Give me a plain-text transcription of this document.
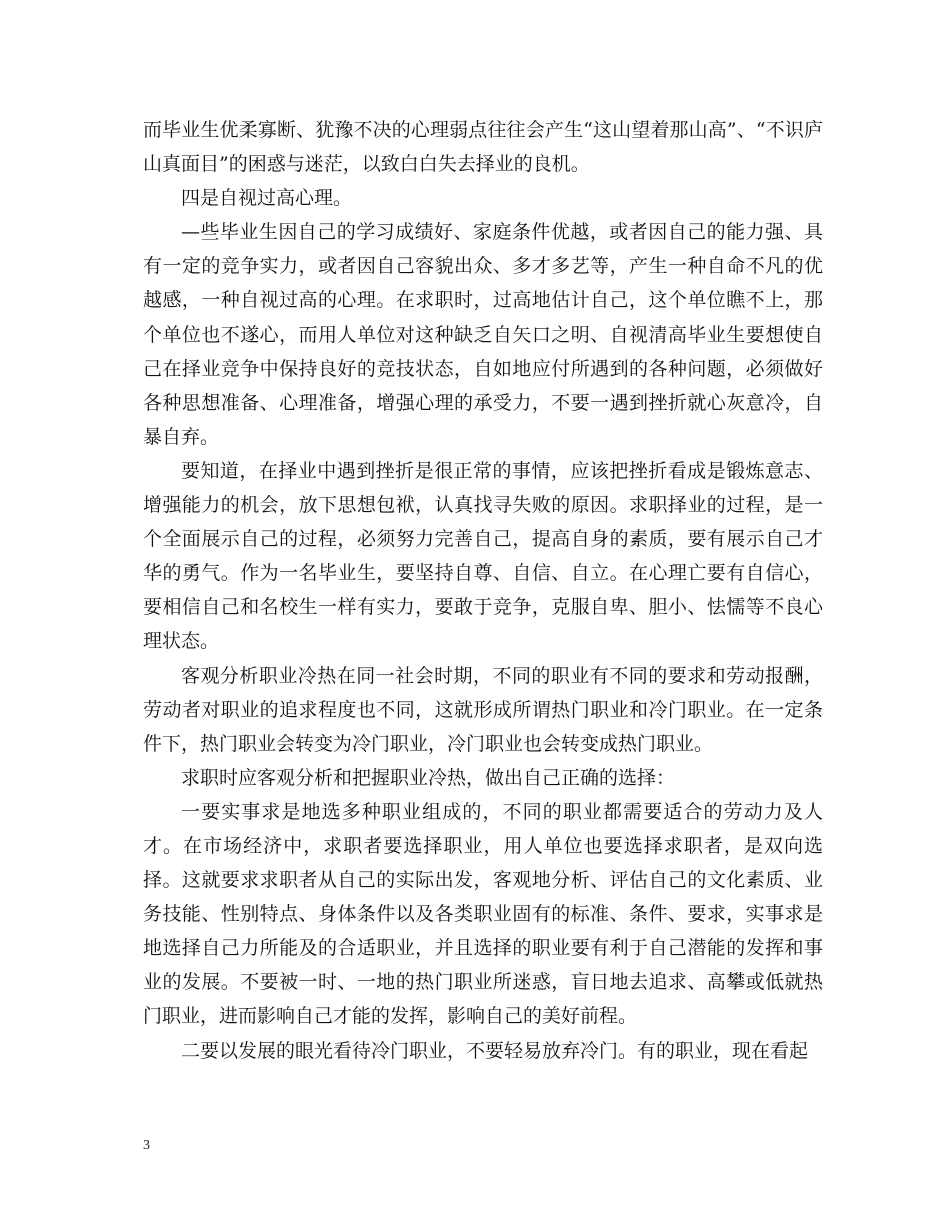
而毕业生优柔寡断、犹豫不决的心理弱点往往会产生“这山望着那山高”、“不识庐山真面目”的困惑与迷茫，以致白白失去择业的良机。

四是自视过高心理。

—些毕业生因自己的学习成绩好、家庭条件优越，或者因自己的能力强、具有一定的竞争实力，或者因自己容貌出众、多才多艺等，产生一种自命不凡的优越感，一种自视过高的心理。在求职时，过高地估计自己，这个单位瞧不上，那个单位也不遂心，而用人单位对这种缺乏自矢口之明、自视清高毕业生要想使自己在择业竞争中保持良好的竞技状态，自如地应付所遇到的各种问题，必须做好各种思想准备、心理准备，增强心理的承受力，不要一遇到挫折就心灰意冷，自暴自弃。

要知道，在择业中遇到挫折是很正常的事情，应该把挫折看成是锻炼意志、增强能力的机会，放下思想包袱，认真找寻失败的原因。求职择业的过程，是一个全面展示自己的过程，必须努力完善自己，提高自身的素质，要有展示自己才华的勇气。作为一名毕业生，要坚持自尊、自信、自立。在心理亡要有自信心，要相信自己和名校生一样有实力，要敢于竞争，克服自卑、胆小、怯懦等不良心理状态。

客观分析职业冷热在同一社会时期，不同的职业有不同的要求和劳动报酬，劳动者对职业的追求程度也不同，这就形成所谓热门职业和冷门职业。在一定条件下，热门职业会转变为冷门职业，冷门职业也会转变成热门职业。

求职时应客观分析和把握职业冷热，做出自己正确的选择：

一要实事求是地选多种职业组成的，不同的职业都需要适合的劳动力及人才。在市场经济中，求职者要选择职业，用人单位也要选择求职者，是双向选择。这就要求求职者从自己的实际出发，客观地分析、评估自己的文化素质、业务技能、性别特点、身体条件以及各类职业固有的标准、条件、要求，实事求是地选择自己力所能及的合适职业，并且选择的职业要有利于自己潜能的发挥和事业的发展。不要被一时、一地的热门职业所迷惑，盲日地去追求、高攀或低就热门职业，进而影响自己才能的发挥，影响自己的美好前程。

二要以发展的眼光看待冷门职业，不要轻易放弃冷门。有的职业，现在看起

3
